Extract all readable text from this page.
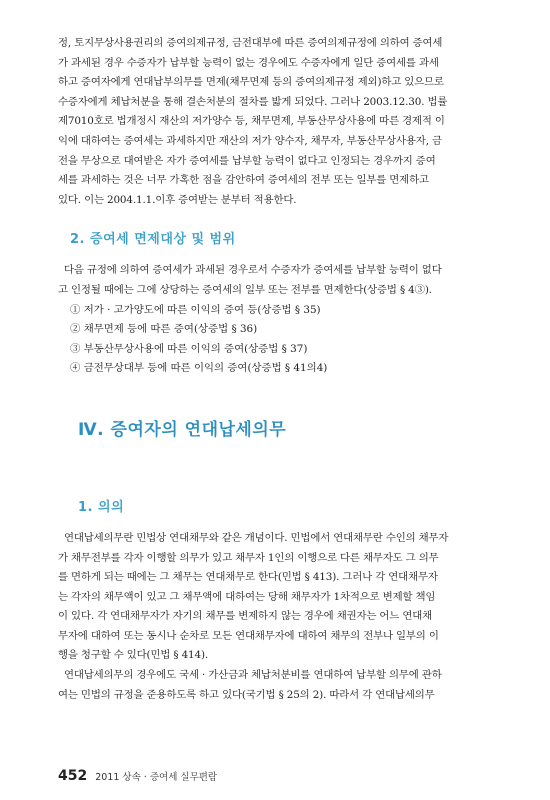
정, 토지무상사용권리의 증여의제규정, 금전대부에 따른 증여의제규정에 의하여 증여세
가 과세된 경우 수증자가 납부할 능력이 없는 경우에도 수증자에게 일단 증여세를 과세
하고 증여자에게 연대납부의무를 면제(채무면제 등의 증여의제규정 제외)하고 있으므로
수증자에게 체납처분을 통해 결손처분의 절차를 밟게 되었다. 그러나 2003.12.30. 법률
제7010호로 법개정시 재산의 저가양수 등, 채무면제, 부동산무상사용에 따른 경제적 이
익에 대하여는 증여세는 과세하지만 재산의 저가 양수자, 채무자, 부동산무상사용자, 금
전을 무상으로 대여받은 자가 증여세를 납부할 능력이 없다고 인정되는 경우까지 증여
세를 과세하는 것은 너무 가혹한 점을 감안하여 증여세의 전부 또는 일부를 면제하고
있다. 이는 2004.1.1.이후 증여받는 분부터 적용한다.
2. 증여세 면제대상 및 범위
다음 규정에 의하여 증여세가 과세된 경우로서 수증자가 증여세를 납부할 능력이 없다
고 인정될 때에는 그에 상당하는 증여세의 일부 또는 전부를 면제한다(상증법 § 4③).
① 저가 · 고가양도에 따른 이익의 증여 등(상증법 § 35)
② 채무면제 등에 따른 증여(상증법 § 36)
③ 부동산무상사용에 따른 이익의 증여(상증법 § 37)
④ 금전무상대부 등에 따른 이익의 증여(상증법 § 41의4)
Ⅳ. 증여자의 연대납세의무
1. 의의
연대납세의무란 민법상 연대채무와 같은 개념이다. 민법에서 연대채무란 수인의 채무자
가 채무전부를 각자 이행할 의무가 있고 채무자 1인의 이행으로 다른 채무자도 그 의무
를 면하게 되는 때에는 그 채무는 연대채무로 한다(민법 § 413). 그러나 각 연대채무자
는 각자의 채무액이 있고 그 채무액에 대하여는 당해 채무자가 1차적으로 변제할 책임
이 있다. 각 연대채무자가 자기의 채무를 변제하지 않는 경우에 채권자는 어느 연대채
무자에 대하여 또는 동시나 순차로 모든 연대채무자에 대하여 채무의 전부나 일부의 이
행을 청구할 수 있다(민법 § 414).
연대납세의무의 경우에도 국세 · 가산금과 체납처분비를 연대하여 납부할 의무에 관하
여는 민법의 규정을 준용하도록 하고 있다(국기법 § 25의 2). 따라서 각 연대납세의무
452 2011 상속 · 증여세 실무편람
